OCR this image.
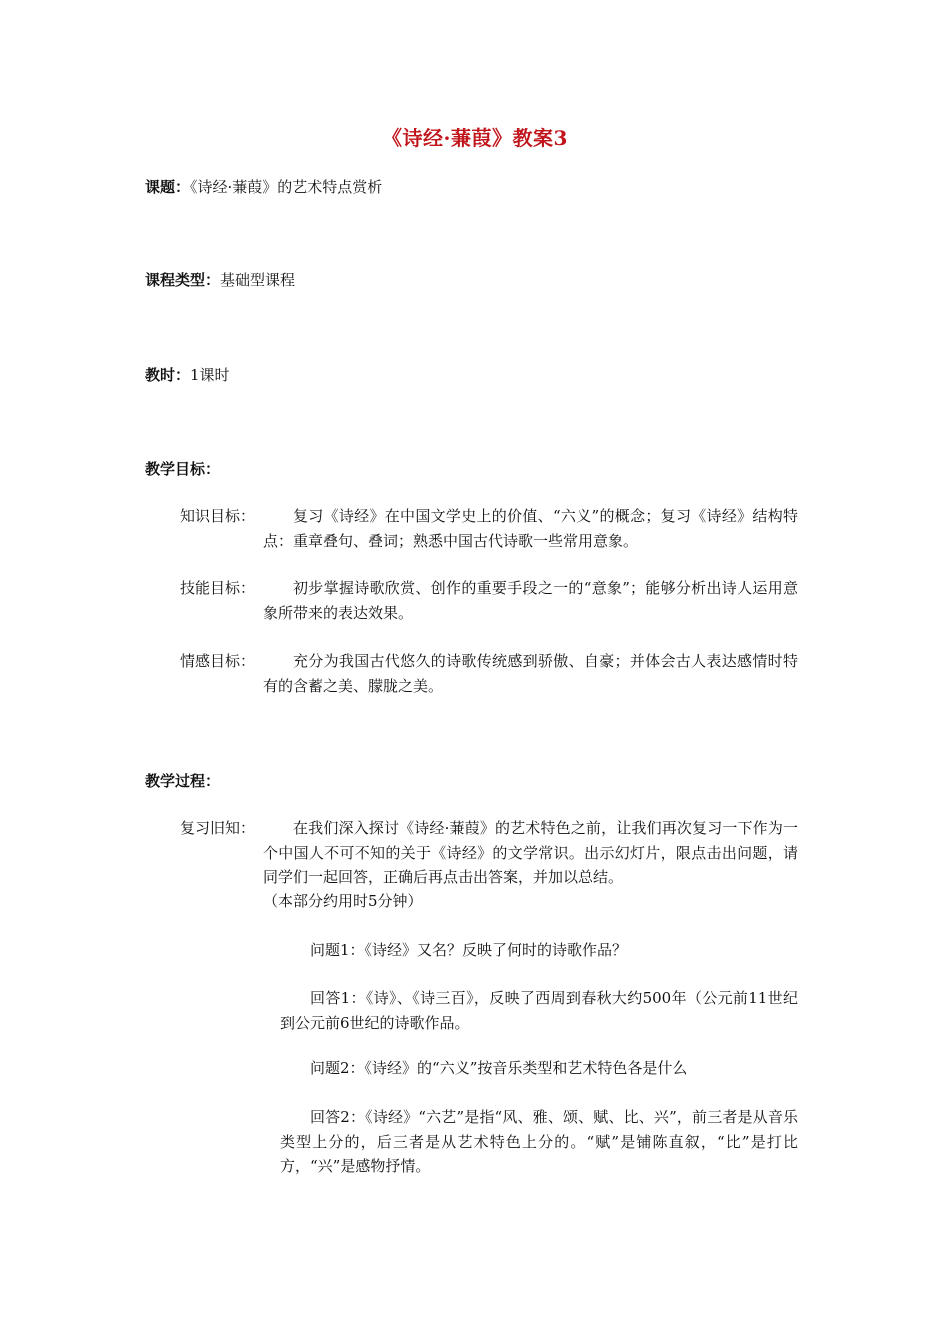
《诗经·蒹葭》教案3
课题：《诗经·蒹葭》的艺术特点赏析
课程类型：基础型课程
教时：1课时
教学目标：
知识目标：	复习《诗经》在中国文学史上的价值、“六义”的概念；复习《诗经》结构特点：重章叠句、叠词；熟悉中国古代诗歌一些常用意象。
技能目标：	初步掌握诗歌欣赏、创作的重要手段之一的“意象”；能够分析出诗人运用意象所带来的表达效果。
情感目标：	充分为我国古代悠久的诗歌传统感到骄傲、自豪；并体会古人表达感情时特有的含蓄之美、朦胧之美。
教学过程：
复习旧知：	在我们深入探讨《诗经·蒹葭》的艺术特色之前，让我们再次复习一下作为一个中国人不可不知的关于《诗经》的文学常识。出示幻灯片，限点击出问题，请同学们一起回答，正确后再点击出答案，并加以总结。
（本部分约用时5分钟）
问题1：《诗经》又名？反映了何时的诗歌作品？
回答1：《诗》、《诗三百》，反映了西周到春秋大约500年（公元前11世纪到公元前6世纪的诗歌作品。
问题2：《诗经》的“六义”按音乐类型和艺术特色各是什么
回答2：《诗经》“六艺”是指“风、雅、颂、赋、比、兴”，前三者是从音乐类型上分的，后三者是从艺术特色上分的。“赋”是铺陈直叙，“比”是打比方，“兴”是感物抒情。
